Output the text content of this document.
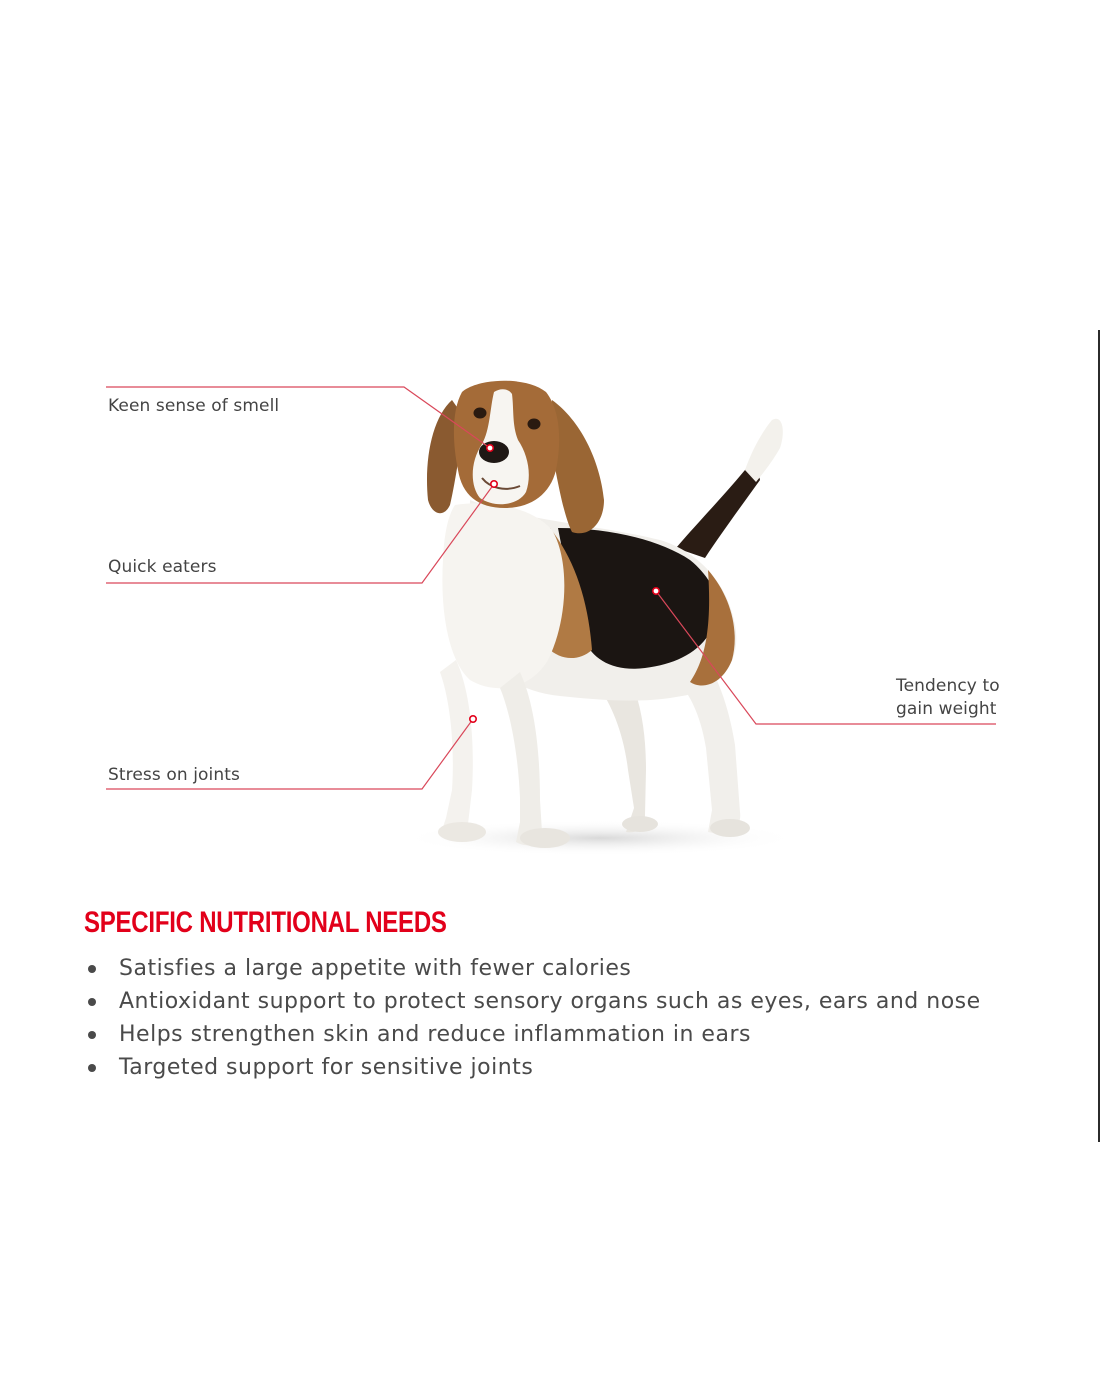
Keen sense of smell
Quick eaters
Stress on joints
Tendency to gain weight
SPECIFIC NUTRITIONAL NEEDS
Satisfies a large appetite with fewer calories
Antioxidant support to protect sensory organs such as eyes, ears and nose
Helps strengthen skin and reduce inflammation in ears
Targeted support for sensitive joints
